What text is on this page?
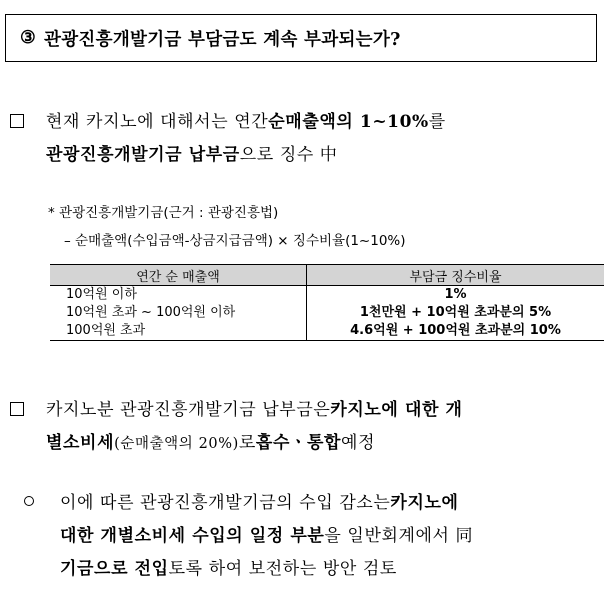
③ 관광진흥개발기금 부담금도 계속 부과되는가?
현재 카지노에 대해서는 연간 순매출액의 1~10% 를
관광진흥개발기금 납부금 으로 징수 中
* 관광진흥개발기금(근거 : 관광진흥법)
– 순매출액(수입금액-상금지급금액) × 징수비율(1~10%)
연간 순 매출액	부담금 징수비율
10억원 이하	1%
10억원 초과 ~ 100억원 이하	1천만원 + 10억원 초과분의 5%
100억원 초과	4.6억원 + 100억원 초과분의 10%
카지노분 관광진흥개발기금 납부금은 카지노에 대한 개
별소비세 (순매출액의 20%) 로 흡수ㆍ통합 예정
이에 따른 관광진흥개발기금의 수입 감소는 카지노에
대한 개별소비세 수입의 일정 부분 을 일반회계에서 同
기금으로 전입 토록 하여 보전하는 방안 검토
